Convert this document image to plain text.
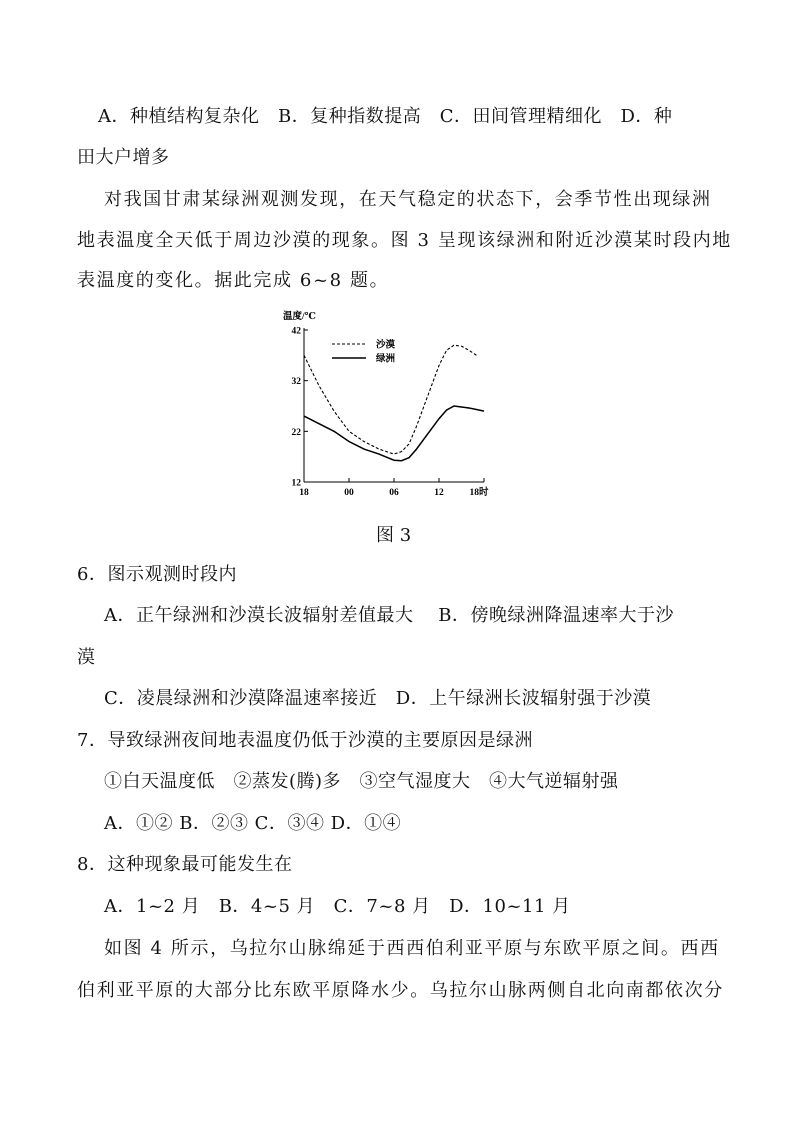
A．种植结构复杂化　B．复种指数提高　C．田间管理精细化　D．种
田大户增多
对我国甘肃某绿洲观测发现，在天气稳定的状态下，会季节性出现绿洲
地表温度全天低于周边沙漠的现象。图 3 呈现该绿洲和附近沙漠某时段内地
表温度的变化。据此完成 6~8 题。
温度/℃
42
32
22
12
18	00	06	12	18时
沙漠
绿洲
图 3
6．图示观测时段内
A．正午绿洲和沙漠长波辐射差值最大　 B．傍晚绿洲降温速率大于沙
漠
C．凌晨绿洲和沙漠降温速率接近　D．上午绿洲长波辐射强于沙漠
7．导致绿洲夜间地表温度仍低于沙漠的主要原因是绿洲
①白天温度低　②蒸发(腾)多　③空气湿度大　④大气逆辐射强
A．①② B．②③ C．③④ D．①④
8．这种现象最可能发生在
A．1~2 月　B．4~5 月　C．7~8 月　D．10~11 月
如图 4 所示，乌拉尔山脉绵延于西西伯利亚平原与东欧平原之间。西西
伯利亚平原的大部分比东欧平原降水少。乌拉尔山脉两侧自北向南都依次分
